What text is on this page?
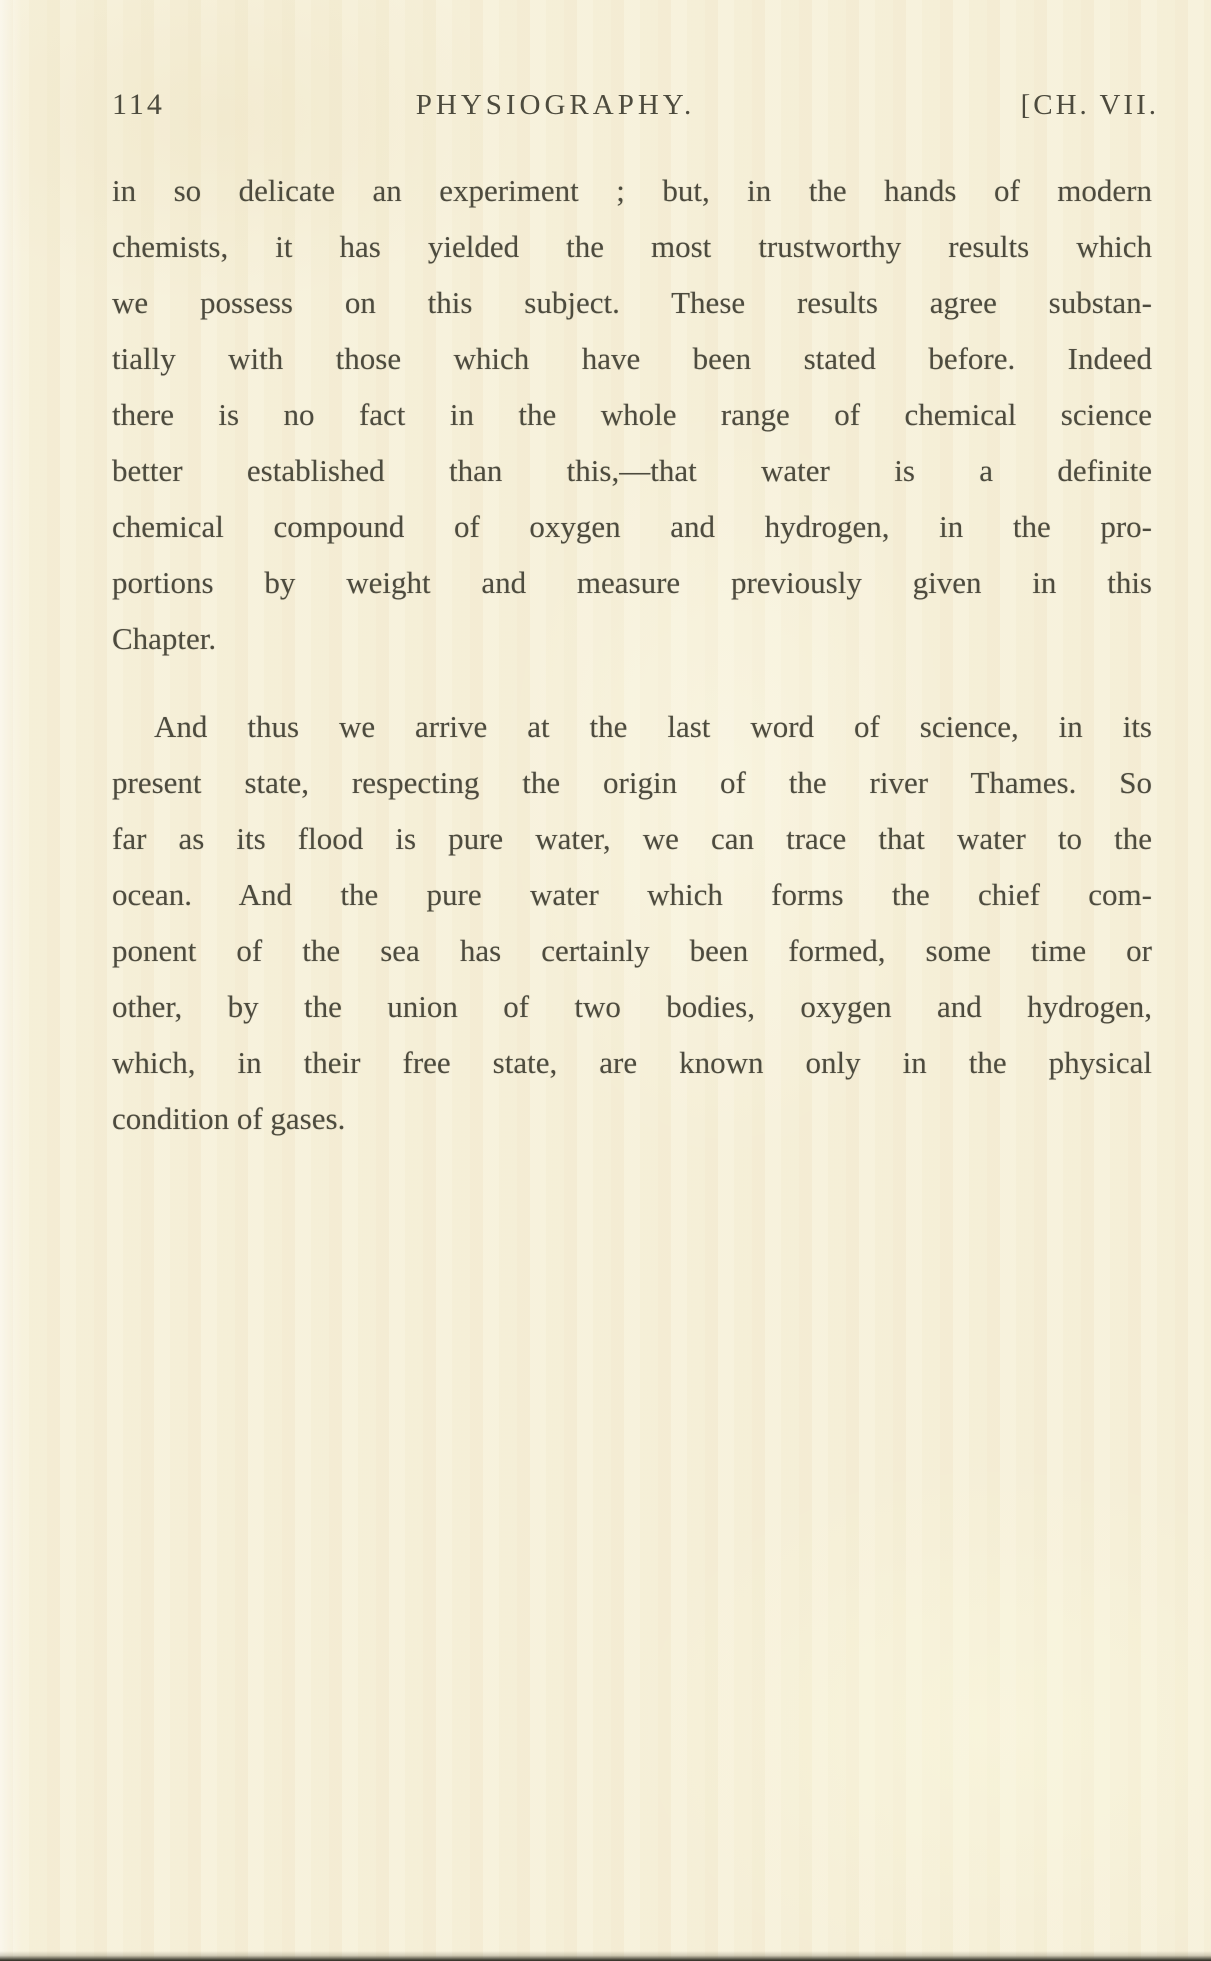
114	PHYSIOGRAPHY.	[CH. VII.
in so delicate an experiment ; but, in the hands of modern
chemists, it has yielded the most trustworthy results which
we possess on this subject. These results agree substan-
tially with those which have been stated before. Indeed
there is no fact in the whole range of chemical science
better established than this,—that water is a definite
chemical compound of oxygen and hydrogen, in the pro-
portions by weight and measure previously given in this
Chapter.
And thus we arrive at the last word of science, in its
present state, respecting the origin of the river Thames. So
far as its flood is pure water, we can trace that water to the
ocean. And the pure water which forms the chief com-
ponent of the sea has certainly been formed, some time or
other, by the union of two bodies, oxygen and hydrogen,
which, in their free state, are known only in the physical
condition of gases.
